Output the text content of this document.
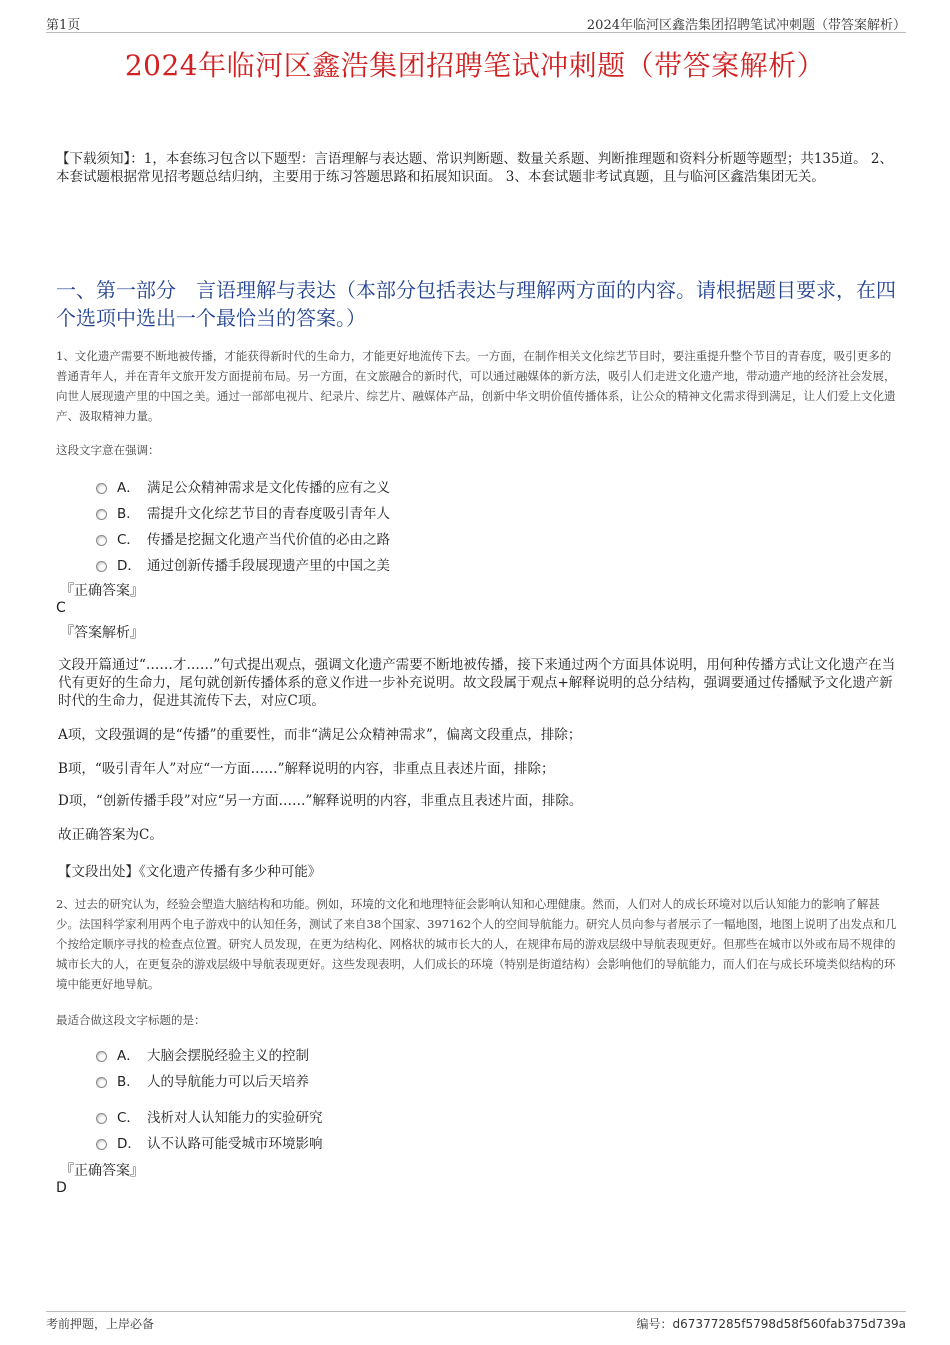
第1页	2024年临河区鑫浩集团招聘笔试冲刺题（带答案解析）
2024年临河区鑫浩集团招聘笔试冲刺题（带答案解析）
【下载须知】：1，本套练习包含以下题型：言语理解与表达题、常识判断题、数量关系题、判断推理题和资料分析题等题型；共135道。 2、本套试题根据常见招考题总结归纳，主要用于练习答题思路和拓展知识面。 3、本套试题非考试真题，且与临河区鑫浩集团无关。
一、第一部分　言语理解与表达（本部分包括表达与理解两方面的内容。请根据题目要求，在四个选项中选出一个最恰当的答案。）
1、文化遗产需要不断地被传播，才能获得新时代的生命力，才能更好地流传下去。一方面，在制作相关文化综艺节目时，要注重提升整个节目的青春度，吸引更多的普通青年人，并在青年文旅开发方面提前布局。另一方面，在文旅融合的新时代，可以通过融媒体的新方法，吸引人们走进文化遗产地，带动遗产地的经济社会发展，向世人展现遗产里的中国之美。通过一部部电视片、纪录片、综艺片、融媒体产品，创新中华文明价值传播体系，让公众的精神文化需求得到满足，让人们爱上文化遗产、汲取精神力量。
这段文字意在强调：
A． 满足公众精神需求是文化传播的应有之义
B． 需提升文化综艺节目的青春度吸引青年人
C． 传播是挖掘文化遗产当代价值的必由之路
D． 通过创新传播手段展现遗产里的中国之美
『正确答案』
C
『答案解析』
文段开篇通过“……才……”句式提出观点，强调文化遗产需要不断地被传播，接下来通过两个方面具体说明，用何种传播方式让文化遗产在当代有更好的生命力，尾句就创新传播体系的意义作进一步补充说明。故文段属于观点+解释说明的总分结构，强调要通过传播赋予文化遗产新时代的生命力，促进其流传下去，对应C项。
A项，文段强调的是“传播”的重要性，而非“满足公众精神需求”，偏离文段重点，排除；
B项，“吸引青年人”对应“一方面……”解释说明的内容，非重点且表述片面，排除；
D项，“创新传播手段”对应“另一方面……”解释说明的内容，非重点且表述片面，排除。
故正确答案为C。
【文段出处】《文化遗产传播有多少种可能》
2、过去的研究认为，经验会塑造大脑结构和功能。例如，环境的文化和地理特征会影响认知和心理健康。然而，人们对人的成长环境对以后认知能力的影响了解甚少。法国科学家利用两个电子游戏中的认知任务，测试了来自38个国家、397162个人的空间导航能力。研究人员向参与者展示了一幅地图，地图上说明了出发点和几个按给定顺序寻找的检查点位置。研究人员发现，在更为结构化、网格状的城市长大的人，在规律布局的游戏层级中导航表现更好。但那些在城市以外或布局不规律的城市长大的人，在更复杂的游戏层级中导航表现更好。这些发现表明，人们成长的环境（特别是街道结构）会影响他们的导航能力，而人们在与成长环境类似结构的环境中能更好地导航。
最适合做这段文字标题的是：
A． 大脑会摆脱经验主义的控制
B． 人的导航能力可以后天培养
C． 浅析对人认知能力的实验研究
D． 认不认路可能受城市环境影响
『正确答案』
D
考前押题，上岸必备	编号：d67377285f5798d58f560fab375d739a
